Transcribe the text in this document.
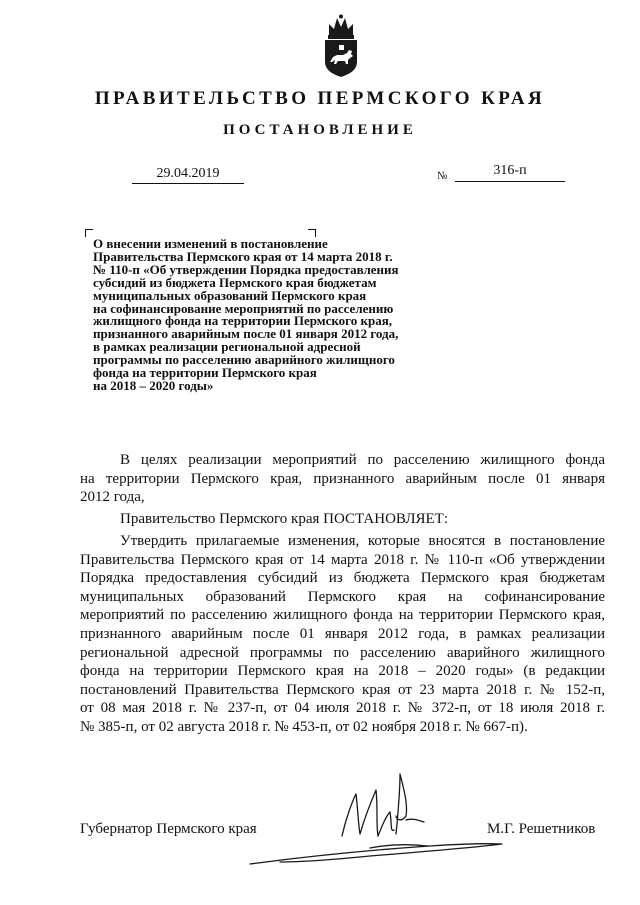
ПРАВИТЕЛЬСТВО ПЕРМСКОГО КРАЯ
ПОСТАНОВЛЕНИЕ
29.04.2019	№	316-п
О внесении изменений в постановление
Правительства Пермского края от 14 марта 2018 г.
№ 110-п «Об утверждении Порядка предоставления
субсидий из бюджета Пермского края бюджетам
муниципальных образований Пермского края
на софинансирование мероприятий по расселению
жилищного фонда на территории Пермского края,
признанного аварийным после 01 января 2012 года,
в рамках реализации региональной адресной
программы по расселению аварийного жилищного
фонда на территории Пермского края
на 2018 – 2020 годы»
В целях реализации мероприятий по расселению жилищного фонда
на территории Пермского края, признанного аварийным после 01 января
2012 года,
Правительство Пермского края ПОСТАНОВЛЯЕТ:
Утвердить прилагаемые изменения, которые вносятся в постановление
Правительства Пермского края от 14 марта 2018 г. № 110-п «Об утверждении
Порядка предоставления субсидий из бюджета Пермского края бюджетам
муниципальных образований Пермского края на софинансирование
мероприятий по расселению жилищного фонда на территории Пермского края,
признанного аварийным после 01 января 2012 года, в рамках реализации
региональной адресной программы по расселению аварийного жилищного
фонда на территории Пермского края на 2018 – 2020 годы» (в редакции
постановлений Правительства Пермского края от 23 марта 2018 г. № 152-п,
от 08 мая 2018 г. № 237-п, от 04 июля 2018 г. № 372-п, от 18 июля 2018 г.
№ 385-п, от 02 августа 2018 г. № 453-п, от 02 ноября 2018 г. № 667-п).
Губернатор Пермского края	М.Г. Решетников
